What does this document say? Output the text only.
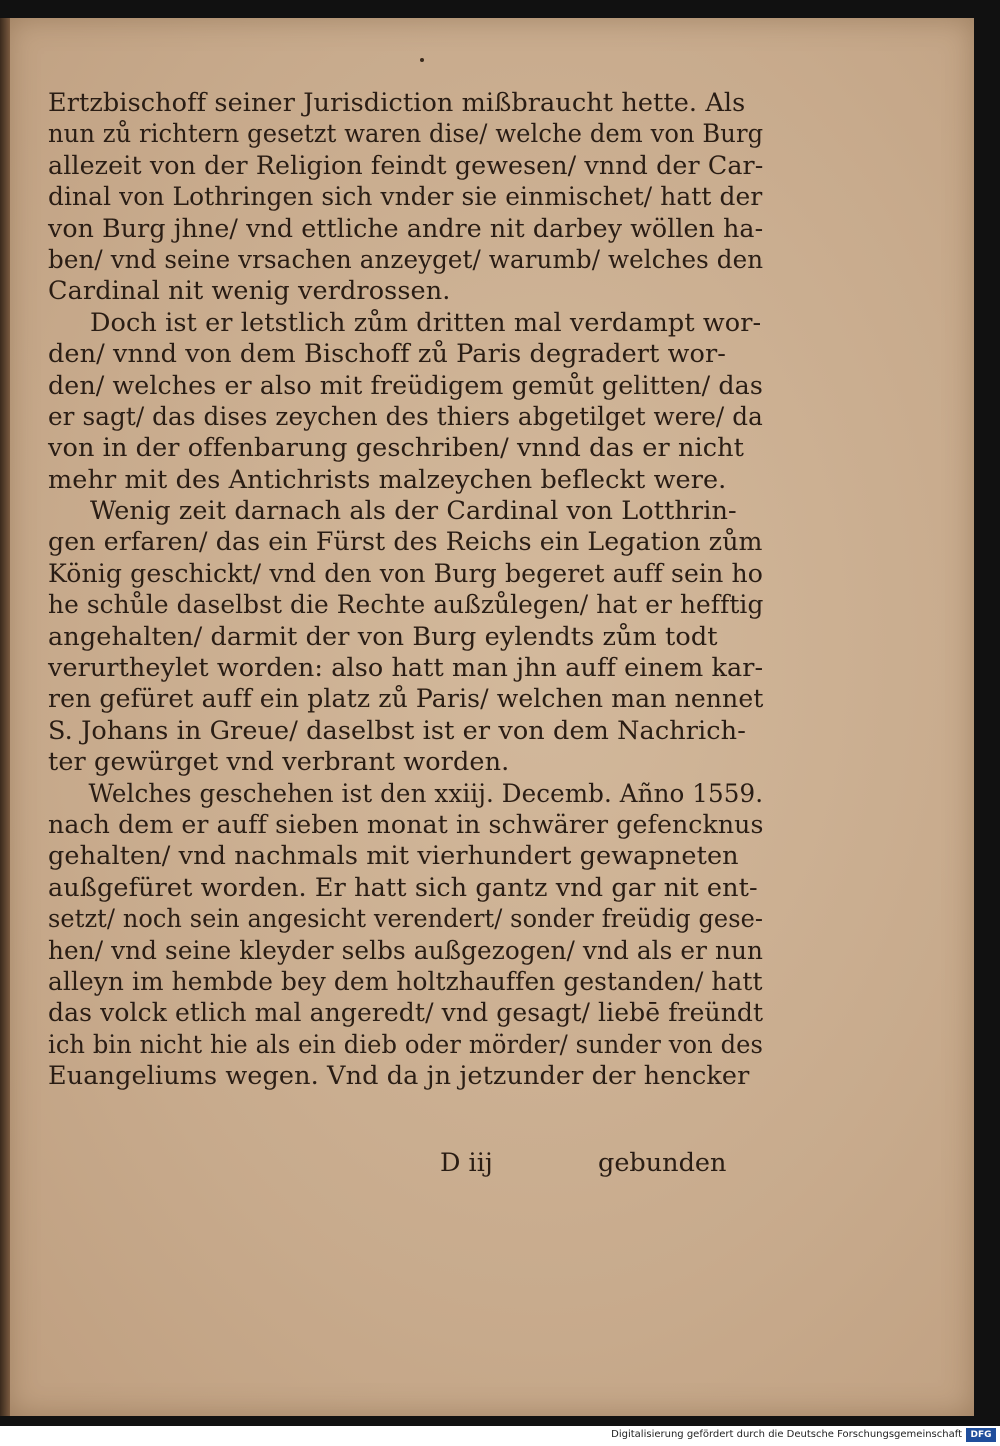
Ertzbischoff seiner Jurisdiction mißbraucht hette. Als
nun zů richtern gesetzt waren dise/ welche dem von Burg
allezeit von der Religion feindt gewesen/ vnnd der Car-
dinal von Lothringen sich vnder sie einmischet/ hatt der
von Burg jhne/ vnd ettliche andre nit darbey wöllen ha-
ben/ vnd seine vrsachen anzeyget/ warumb/ welches den
Cardinal nit wenig verdrossen.
Doch ist er letstlich zům dritten mal verdampt wor-
den/ vnnd von dem Bischoff zů Paris degradert wor-
den/ welches er also mit freüdigem gemůt gelitten/ das
er sagt/ das dises zeychen des thiers abgetilget were/ da
von in der offenbarung geschriben/ vnnd das er nicht
mehr mit des Antichrists malzeychen befleckt were.
Wenig zeit darnach als der Cardinal von Lotthrin-
gen erfaren/ das ein Fürst des Reichs ein Legation zům
König geschickt/ vnd den von Burg begeret auff sein ho
he schůle daselbst die Rechte außzůlegen/ hat er hefftig
angehalten/ darmit der von Burg eylendts zům todt
verurtheylet worden: also hatt man jhn auff einem kar-
ren gefüret auff ein platz zů Paris/ welchen man nennet
S. Johans in Greue/ daselbst ist er von dem Nachrich-
ter gewürget vnd verbrant worden.
Welches geschehen ist den xxiij. Decemb. Añno 1559.
nach dem er auff sieben monat in schwärer gefencknus
gehalten/ vnd nachmals mit vierhundert gewapneten
außgefüret worden. Er hatt sich gantz vnd gar nit ent-
setzt/ noch sein angesicht verendert/ sonder freüdig gese-
hen/ vnd seine kleyder selbs außgezogen/ vnd als er nun
alleyn im hembde bey dem holtzhauffen gestanden/ hatt
das volck etlich mal angeredt/ vnd gesagt/ liebē freündt
ich bin nicht hie als ein dieb oder mörder/ sunder von des
Euangeliums wegen. Vnd da jn jetzunder der hencker
D iij	gebunden
Digitalisierung gefördert durch die Deutsche Forschungsgemeinschaft DFG
